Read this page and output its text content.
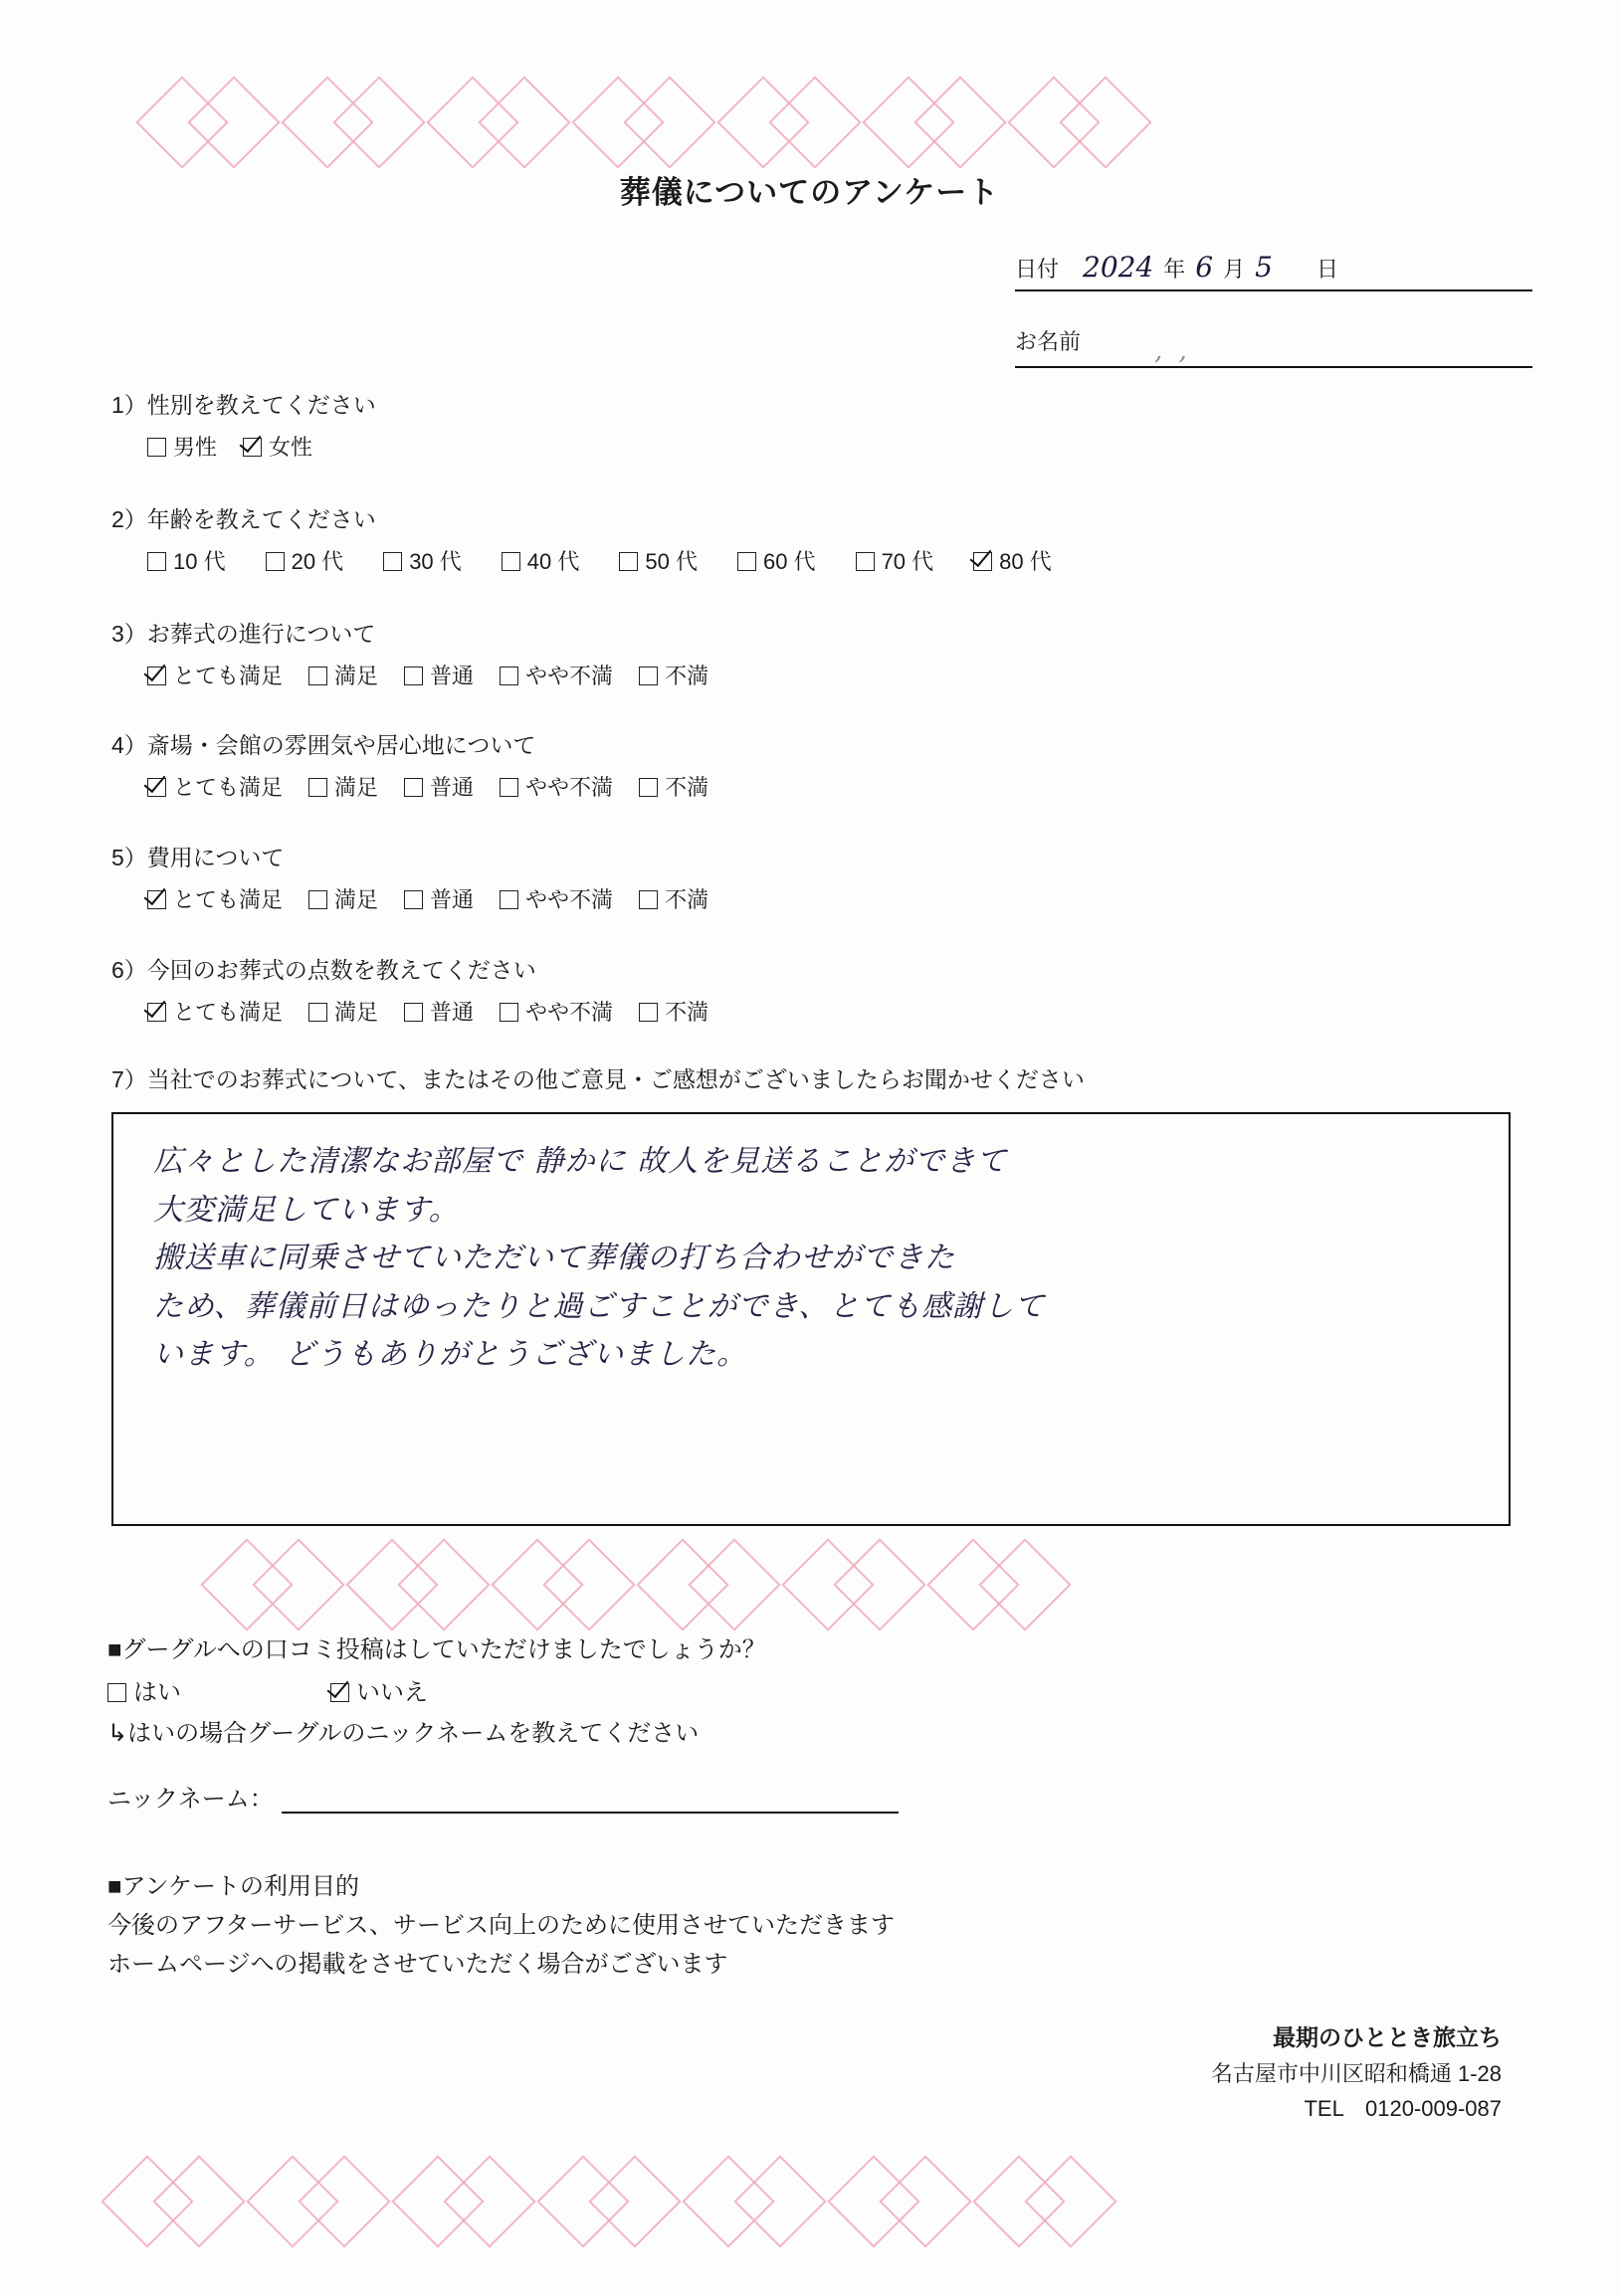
葬儀についてのアンケート
日付 2024 年 6 月 5 日
お名前	, ,
1）性別を教えてください
男性 女性
2）年齢を教えてください
10 代	20 代	30 代	40 代	50 代	60 代	70 代	80 代
3）お葬式の進行について
とても満足 満足 普通 やや不満 不満
4）斎場・会館の雰囲気や居心地について
とても満足 満足 普通 やや不満 不満
5）費用について
とても満足 満足 普通 やや不満 不満
6）今回のお葬式の点数を教えてください
とても満足 満足 普通 やや不満 不満
7）当社でのお葬式について、またはその他ご意見・ご感想がございましたらお聞かせください
広々とした清潔なお部屋で 静かに 故人を見送ることができて
大変満足しています。
搬送車に同乗させていただいて葬儀の打ち合わせができた
ため、葬儀前日はゆったりと過ごすことができ、とても感謝して
います。 どうもありがとうございました。
■グーグルへの口コミ投稿はしていただけましたでしょうか？
はい	いいえ
↳はいの場合グーグルのニックネームを教えてください
ニックネーム：
■アンケートの利用目的
今後のアフターサービス、サービス向上のために使用させていただきます
ホームページへの掲載をさせていただく場合がございます
最期のひととき旅立ち
名古屋市中川区昭和橋通 1-28
TEL　0120-009-087
